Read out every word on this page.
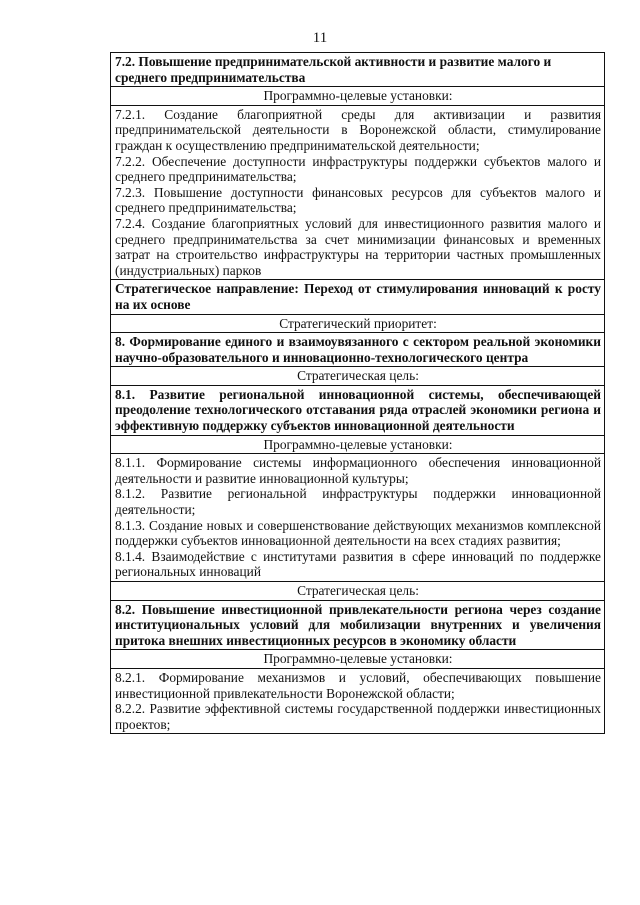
11
7.2. Повышение предпринимательской активности и развитие малого и среднего предпринимательства
Программно-целевые установки:

7.2.1. Создание благоприятной среды для активизации и развития предпринимательской деятельности в Воронежской области, стимулирование граждан к осуществлению предпринимательской деятельности;

7.2.2. Обеспечение доступности инфраструктуры поддержки субъектов малого и среднего предпринимательства;

7.2.3. Повышение доступности финансовых ресурсов для субъектов малого и среднего предпринимательства;

7.2.4. Создание благоприятных условий для инвестиционного развития малого и среднего предпринимательства за счет минимизации финансовых и временных затрат на строительство инфраструктуры на территории частных промышленных (индустриальных) парков

Стратегическое направление: Переход от стимулирования инноваций к росту на их основе
Стратегический приоритет:
8. Формирование единого и взаимоувязанного с сектором реальной экономики научно-образовательного и инновационно-технологического центра
Стратегическая цель:
8.1. Развитие региональной инновационной системы, обеспечивающей преодоление технологического отставания ряда отраслей экономики региона и эффективную поддержку субъектов инновационной деятельности
Программно-целевые установки:

8.1.1. Формирование системы информационного обеспечения инновационной деятельности и развитие инновационной культуры;

8.1.2. Развитие региональной инфраструктуры поддержки инновационной деятельности;

8.1.3. Создание новых и совершенствование действующих механизмов комплексной поддержки субъектов инновационной деятельности на всех стадиях развития;

8.1.4. Взаимодействие с институтами развития в сфере инноваций по поддержке региональных инноваций

Стратегическая цель:
8.2. Повышение инвестиционной привлекательности региона через создание институциональных условий для мобилизации внутренних и увеличения притока внешних инвестиционных ресурсов в экономику области
Программно-целевые установки:

8.2.1. Формирование механизмов и условий, обеспечивающих повышение инвестиционной привлекательности Воронежской области;

8.2.2. Развитие эффективной системы государственной поддержки инвестиционных проектов;
